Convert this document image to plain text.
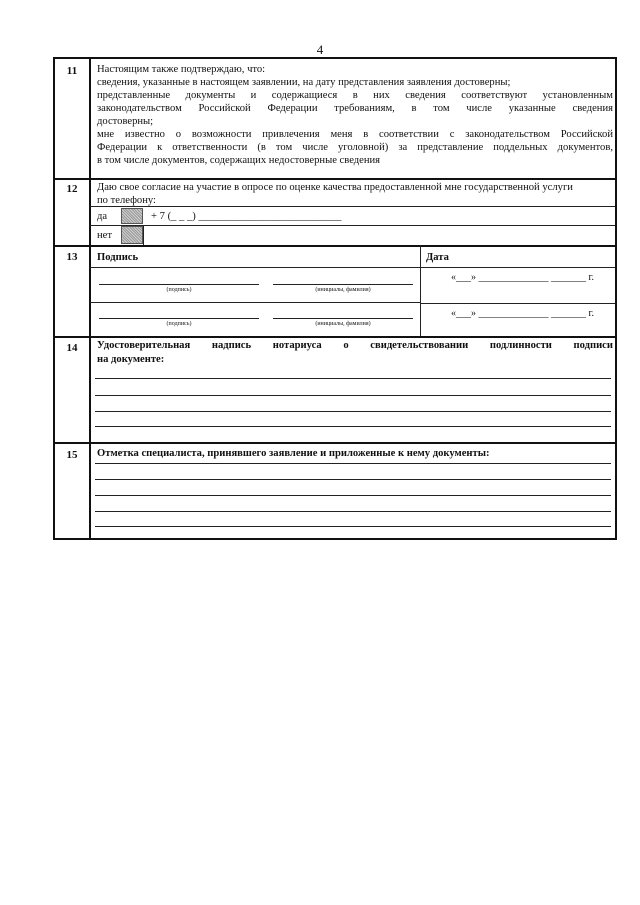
4
11	Настоящим также подтверждаю, что:
сведения, указанные в настоящем заявлении, на дату представления заявления достоверны;
представленные документы и содержащиеся в них сведения соответствуют установленным
законодательством Российской Федерации требованиям, в том числе указанные сведения
достоверны;
мне известно о возможности привлечения меня в соответствии с законодательством Российской
Федерации к ответственности (в том числе уголовной) за представление поддельных документов,
в том числе документов, содержащих недостоверные сведения
12	Даю свое согласие на участие в опросе по оценке качества предоставленной мне государственной услуги
по телефону:
да	+ 7 (_ _ _) ___________________________
нет
13	Подпись	Дата
(подпись)	(инициалы, фамилия)
«___» ______________ _______ г.
(подпись)	(инициалы, фамилия)
«___» ______________ _______ г.
14	Удостоверительная надпись нотариуса о свидетельствовании подлинности подписи
на документе:
15	Отметка специалиста, принявшего заявление и приложенные к нему документы:
